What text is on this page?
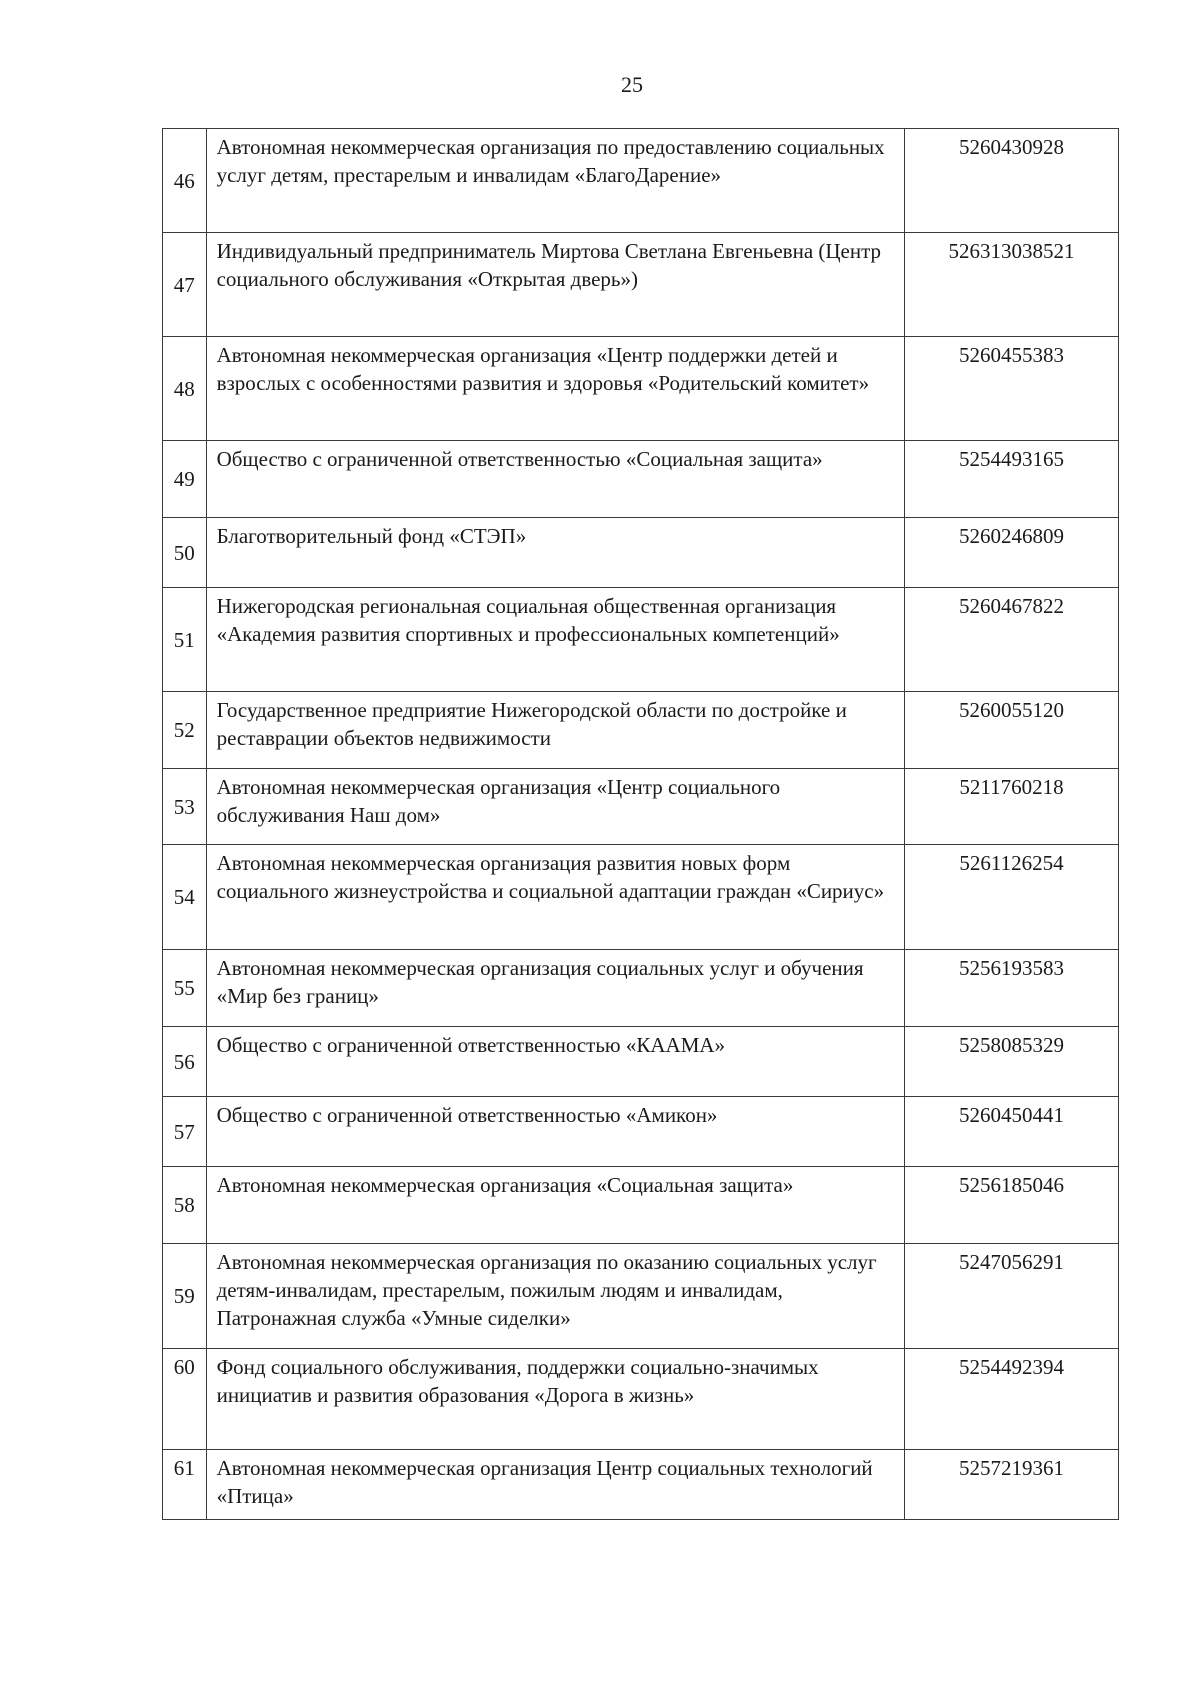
25
46	Автономная некоммерческая организация по предоставлению социальных услуг детям, престарелым и инвалидам «БлагоДарение»	5260430928
47	Индивидуальный предприниматель Миртова Светлана Евгеньевна (Центр социального обслуживания «Открытая дверь»)	526313038521
48	Автономная некоммерческая организация «Центр поддержки детей и взрослых с особенностями развития и здоровья «Родительский комитет»	5260455383
49	Общество с ограниченной ответственностью «Социальная защита»	5254493165
50	Благотворительный фонд «СТЭП»	5260246809
51	Нижегородская региональная социальная общественная организация «Академия развития спортивных и профессиональных компетенций»	5260467822
52	Государственное предприятие Нижегородской области по достройке и реставрации объектов недвижимости	5260055120
53	Автономная некоммерческая организация «Центр социального обслуживания Наш дом»	5211760218
54	Автономная некоммерческая организация развития новых форм социального жизнеустройства и социальной адаптации граждан «Сириус»	5261126254
55	Автономная некоммерческая организация социальных услуг и обучения «Мир без границ»	5256193583
56	Общество с ограниченной ответственностью «КААМА»	5258085329
57	Общество с ограниченной ответственностью «Амикон»	5260450441
58	Автономная некоммерческая организация «Социальная защита»	5256185046
59	Автономная некоммерческая организация по оказанию социальных услуг детям-инвалидам, престарелым, пожилым людям и инвалидам, Патронажная служба «Умные сиделки»	5247056291
60	Фонд социального обслуживания, поддержки социально-значимых инициатив и развития образования «Дорога в жизнь»	5254492394
61	Автономная некоммерческая организация Центр социальных технологий «Птица»	5257219361
